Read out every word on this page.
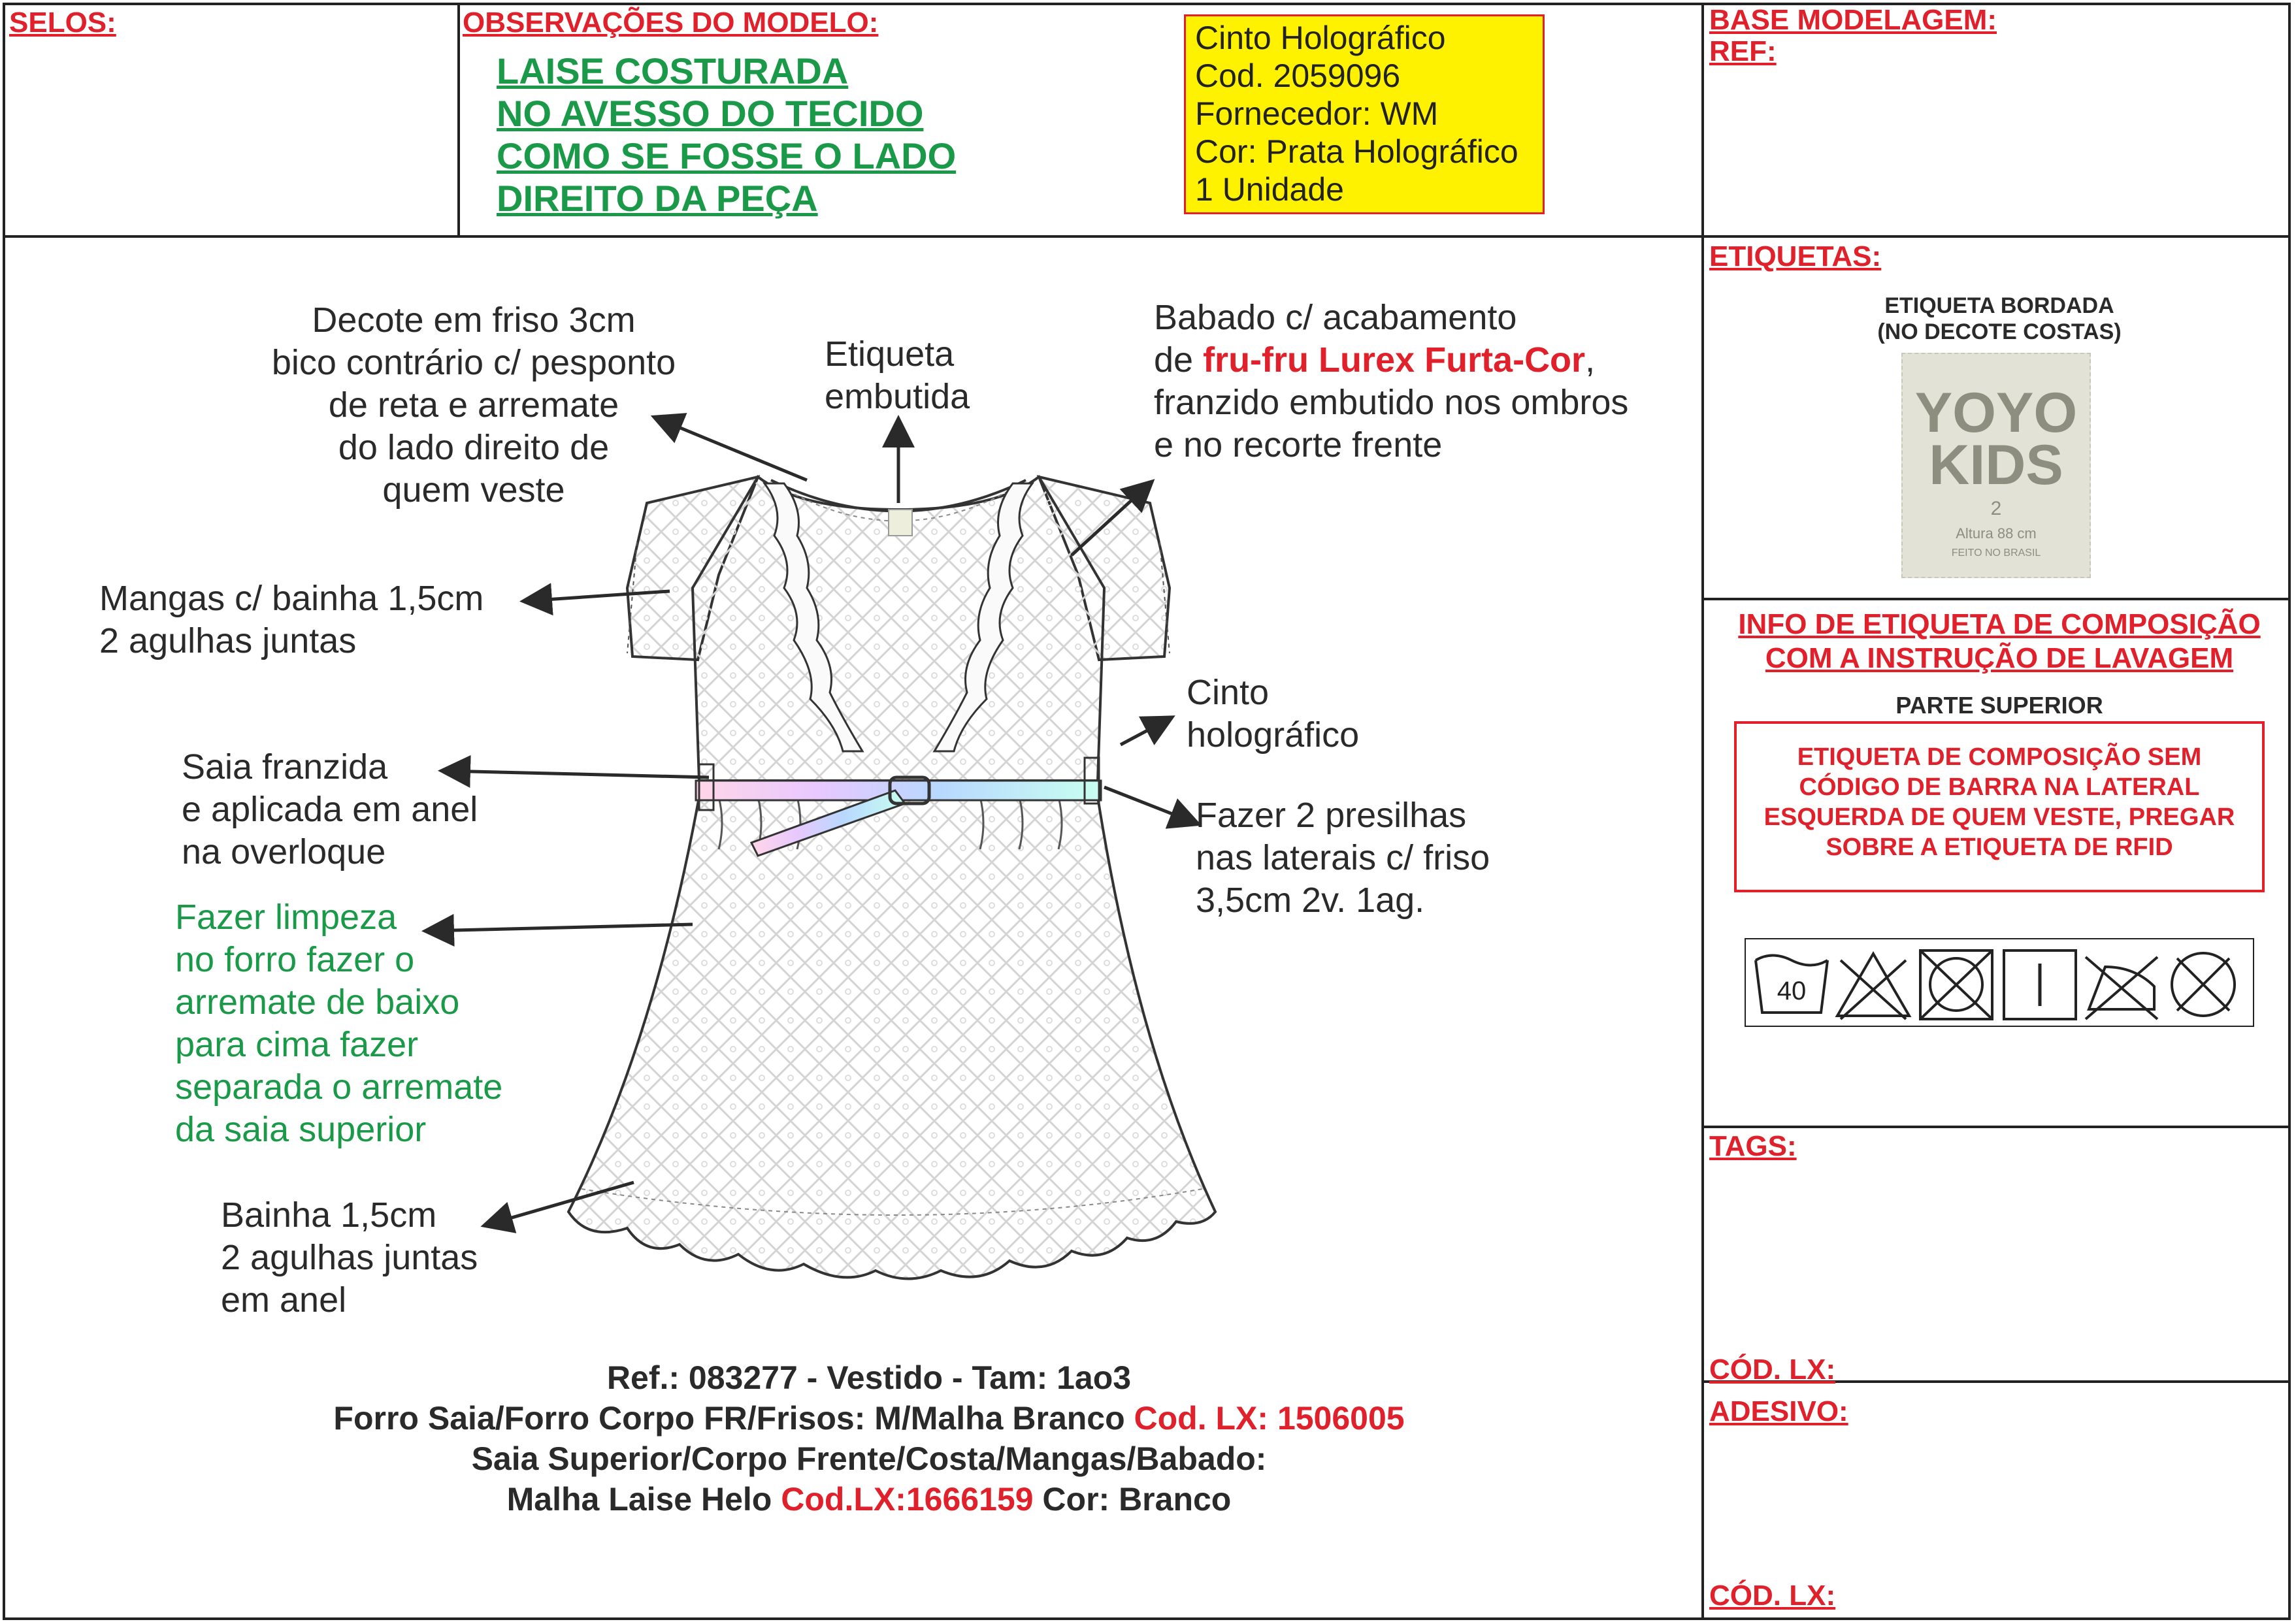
SELOS:	OBSERVAÇÕES DO MODELO:
LAISE COSTURADA
NO AVESSO DO TECIDO
COMO SE FOSSE O LADO
DIREITO DA PEÇA
Cinto Holográfico
Cod. 2059096
Fornecedor: WM
Cor: Prata Holográfico
1 Unidade
BASE MODELAGEM:
REF:
Decote em friso 3cm
bico contrário c/ pesponto
de reta e arremate
do lado direito de
quem veste
Etiqueta
embutida
Babado c/ acabamento
de fru-fru Lurex Furta-Cor,
franzido embutido nos ombros
e no recorte frente
Mangas c/ bainha 1,5cm
2 agulhas juntas
Cinto
holográfico
Saia franzida
e aplicada em anel
na overloque
Fazer 2 presilhas
nas laterais c/ friso
3,5cm 2v. 1ag.
Fazer limpeza
no forro fazer o
arremate de baixo
para cima fazer
separada o arremate
da saia superior
Bainha 1,5cm
2 agulhas juntas
em anel
Ref.: 083277 - Vestido - Tam: 1ao3
Forro Saia/Forro Corpo FR/Frisos: M/Malha Branco Cod. LX: 1506005
Saia Superior/Corpo Frente/Costa/Mangas/Babado:
Malha Laise Helo Cod.LX:1666159 Cor: Branco
ETIQUETAS:
ETIQUETA BORDADA
(NO DECOTE COSTAS)
YOYO
KIDS
2
Altura 88 cm
FEITO NO BRASIL
INFO DE ETIQUETA DE COMPOSIÇÃO
COM A INSTRUÇÃO DE LAVAGEM
PARTE SUPERIOR
ETIQUETA DE COMPOSIÇÃO SEM
CÓDIGO DE BARRA NA LATERAL
ESQUERDA DE QUEM VESTE, PREGAR
SOBRE A ETIQUETA DE RFID
40
TAGS:
CÓD. LX:
ADESIVO:
CÓD. LX:
